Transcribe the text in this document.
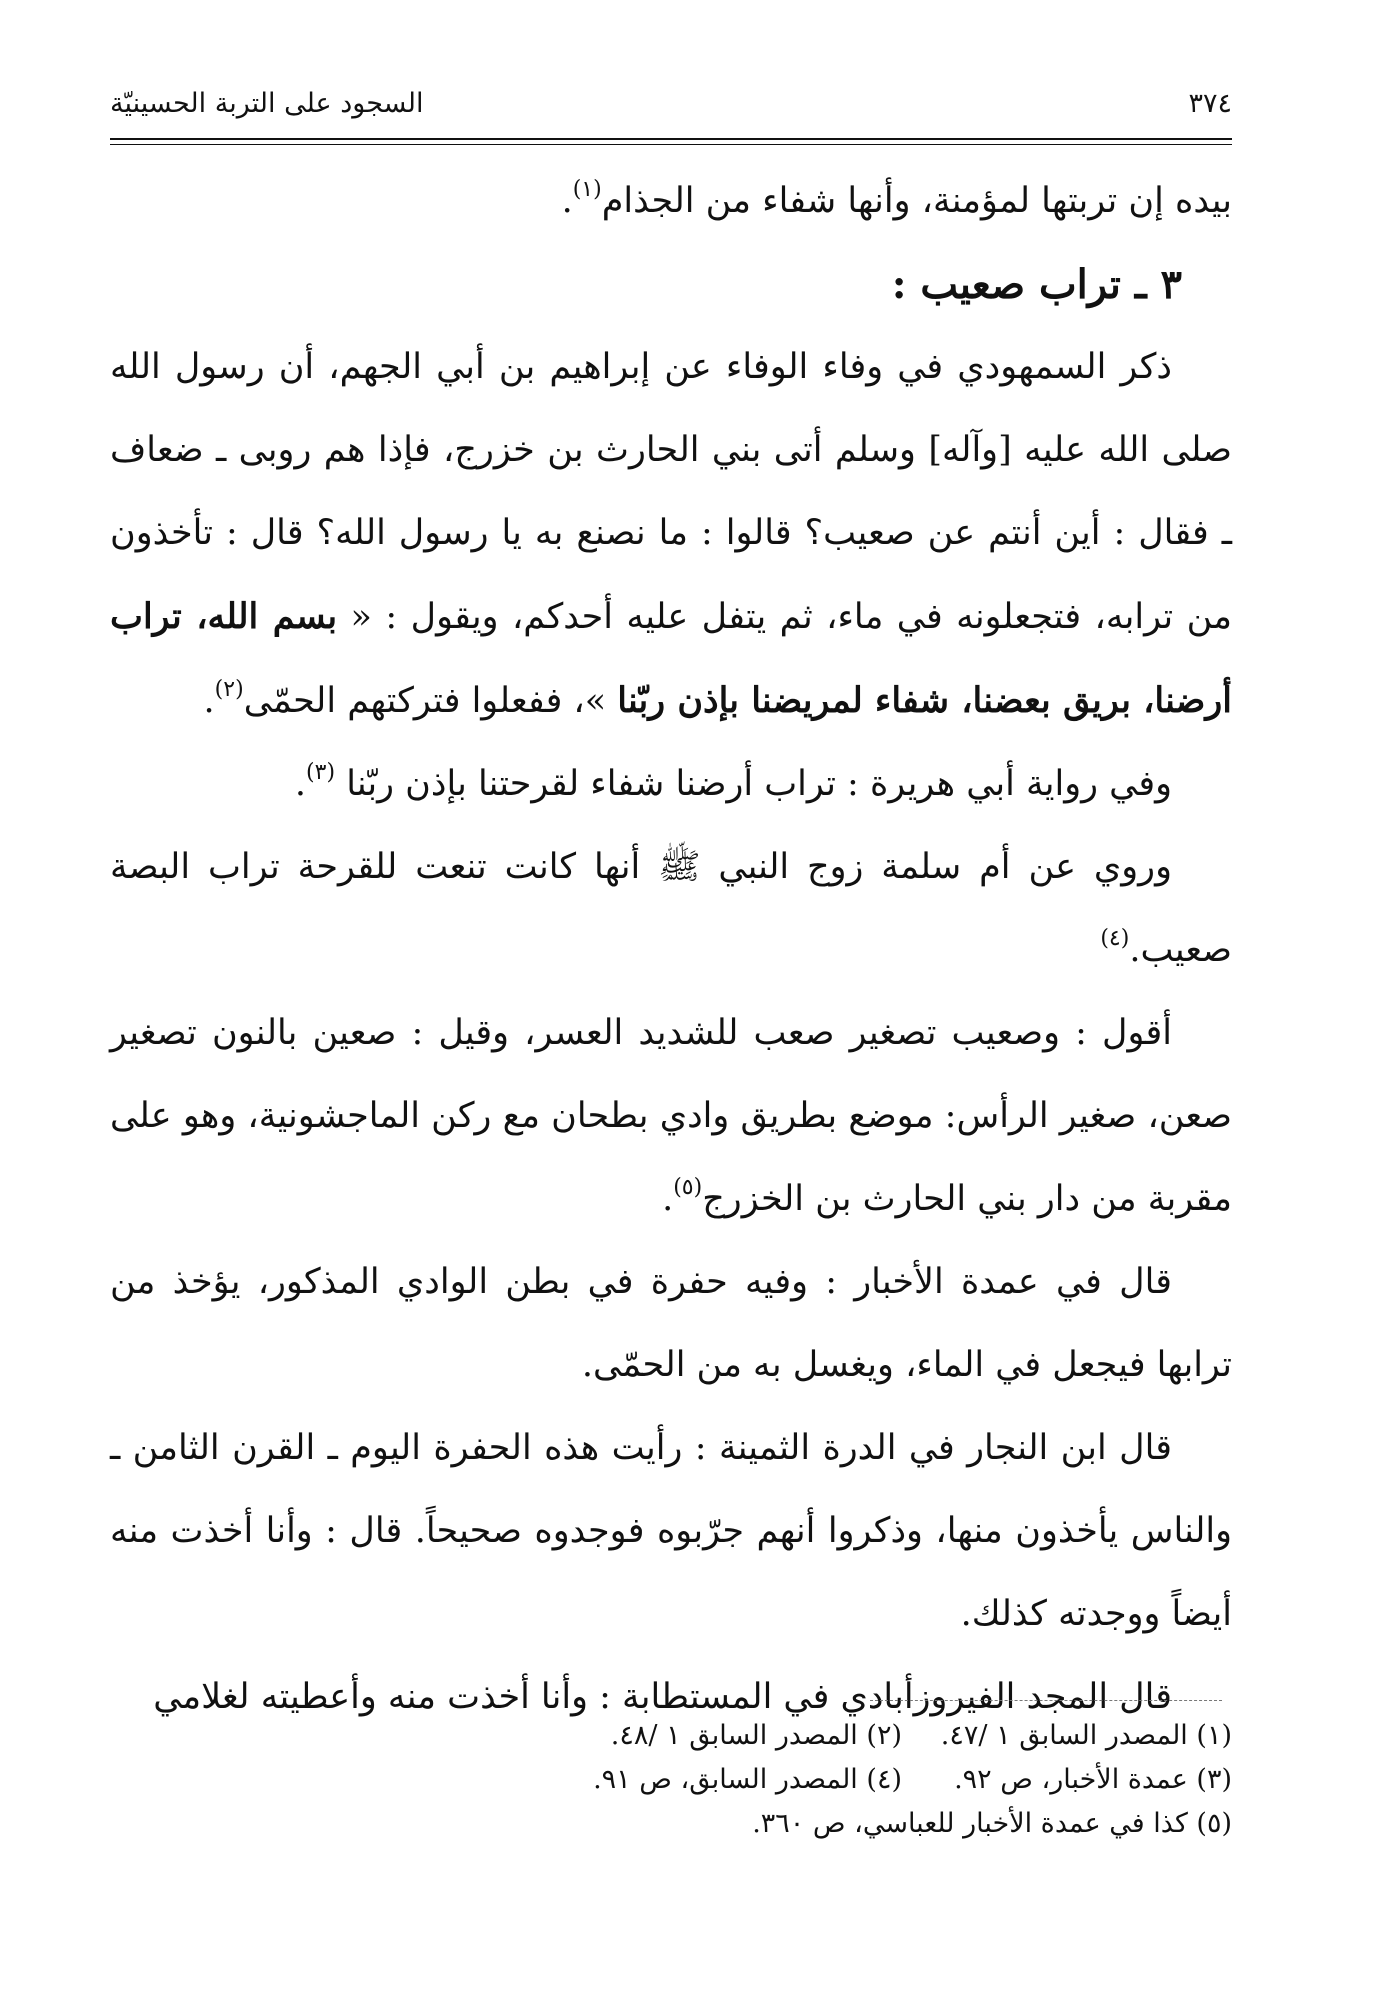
٣٧٤
السجود على التربة الحسينيّة

بيده إن تربتها لمؤمنة، وأنها شفاء من الجذام$^{(١)}$.

٣ ـ تراب صعيب :

ذكر السمهودي في وفاء الوفاء عن إبراهيم بن أبي الجهم، أن رسول الله صلى الله عليه [وآله] وسلم أتى بني الحارث بن خزرج، فإذا هم روبى ـ ضعاف ـ فقال : أين أنتم عن صعيب؟ قالوا : ما نصنع به يا رسول الله؟ قال : تأخذون من ترابه، فتجعلونه في ماء، ثم يتفل عليه أحدكم، ويقول : « بسم الله، تراب أرضنا، بريق بعضنا، شفاء لمريضنا بإذن ربّنا »، ففعلوا فتركتهم الحمّى$^{(٢)}$.

وفي رواية أبي هريرة : تراب أرضنا شفاء لقرحتنا بإذن ربّنا $^{(٣)}$.

وروي عن أم سلمة زوج النبي ﷺ أنها كانت تنعت للقرحة تراب البصة صعيب.$^{(٤)}$

أقول : وصعيب تصغير صعب للشديد العسر، وقيل : صعين بالنون تصغير صعن، صغير الرأس: موضع بطريق وادي بطحان مع ركن الماجشونية، وهو على مقربة من دار بني الحارث بن الخزرج$^{(٥)}$.

قال في عمدة الأخبار : وفيه حفرة في بطن الوادي المذكور، يؤخذ من ترابها فيجعل في الماء، ويغسل به من الحمّى.

قال ابن النجار في الدرة الثمينة : رأيت هذه الحفرة اليوم ـ القرن الثامن ـ والناس يأخذون منها، وذكروا أنهم جرّبوه فوجدوه صحيحاً. قال : وأنا أخذت منه أيضاً ووجدته كذلك.

قال المجد الفيروزأبادي في المستطابة : وأنا أخذت منه وأعطيته لغلامي

(١) المصدر السابق ١ /٤٧.
(٢) المصدر السابق ١ /٤٨.
(٣) عمدة الأخبار، ص ٩٢.
(٤) المصدر السابق، ص ٩١.
(٥) كذا في عمدة الأخبار للعباسي، ص ٣٦٠.
